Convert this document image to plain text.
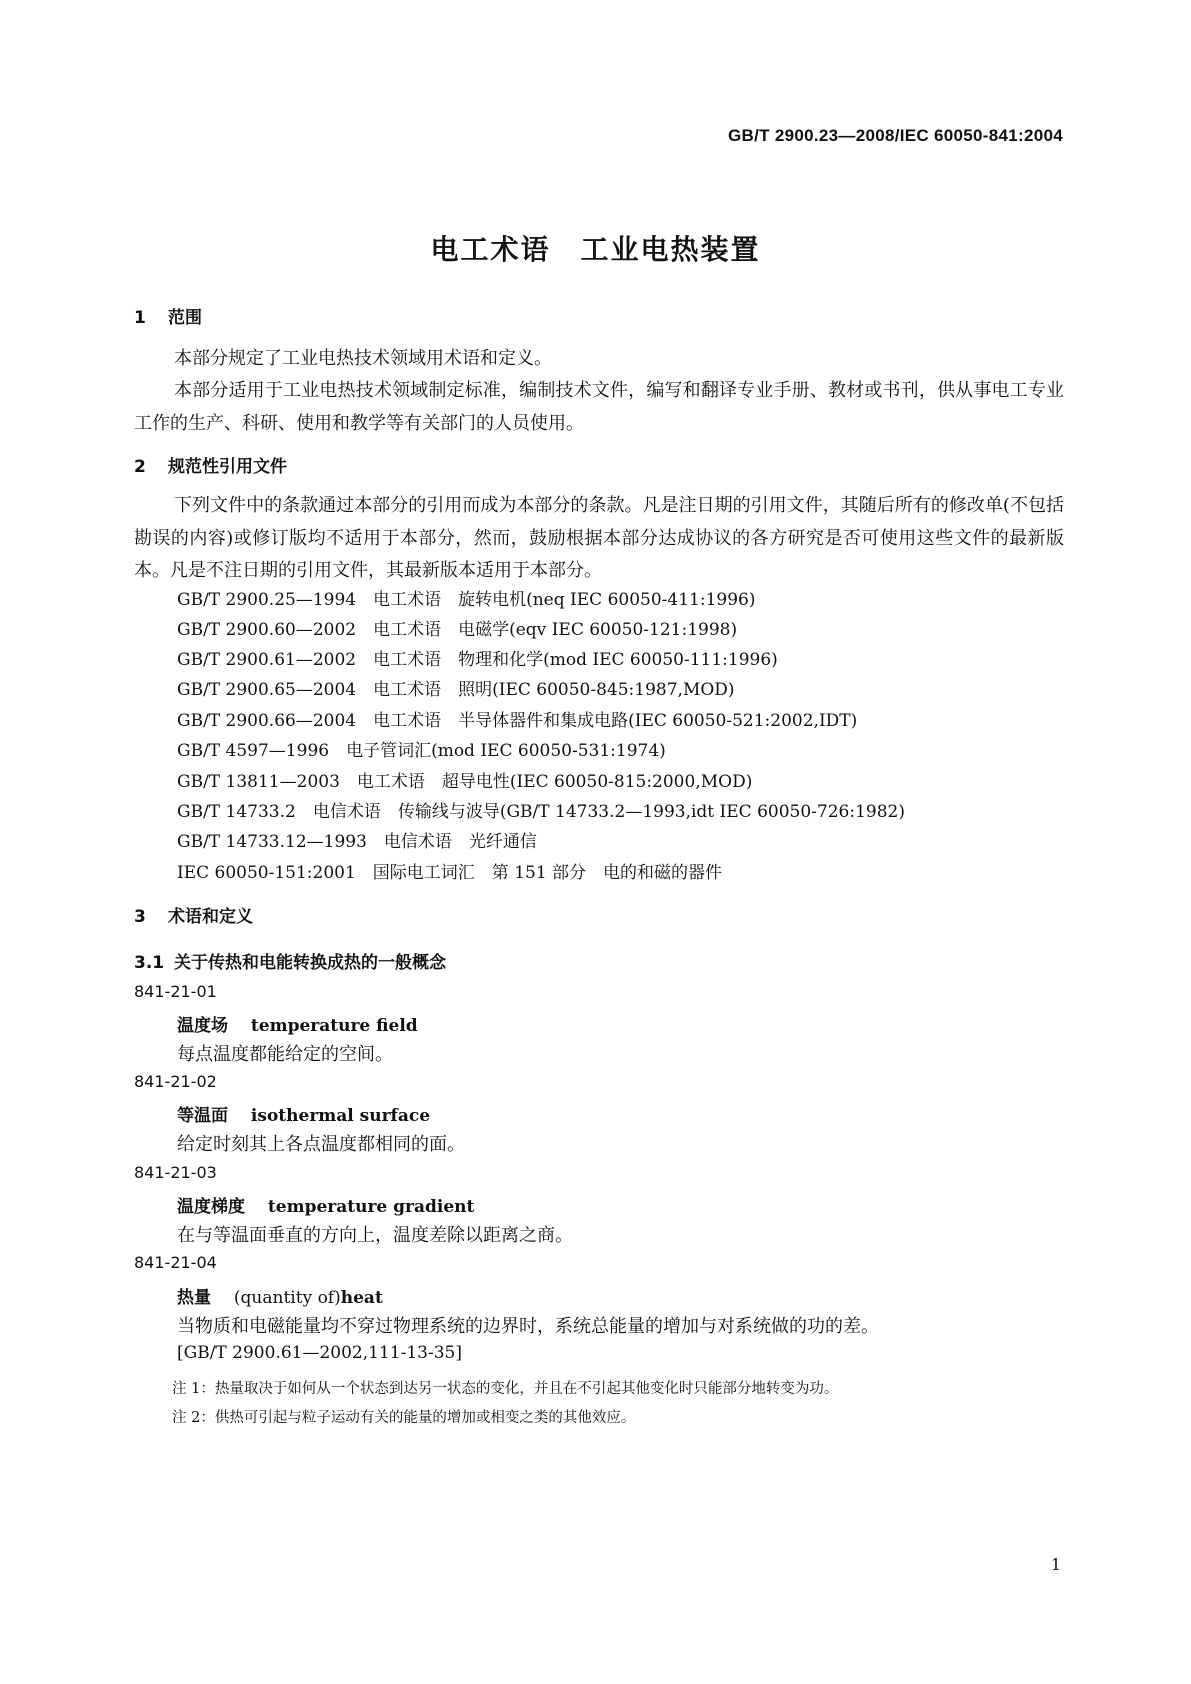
GB/T 2900.23—2008/IEC 60050-841:2004
电工术语　工业电热装置
1 范围
本部分规定了工业电热技术领域用术语和定义。
本部分适用于工业电热技术领域制定标准，编制技术文件，编写和翻译专业手册、教材或书刊，供从事电工专业工作的生产、科研、使用和教学等有关部门的人员使用。
2 规范性引用文件
下列文件中的条款通过本部分的引用而成为本部分的条款。凡是注日期的引用文件，其随后所有的修改单(不包括勘误的内容)或修订版均不适用于本部分，然而，鼓励根据本部分达成协议的各方研究是否可使用这些文件的最新版本。凡是不注日期的引用文件，其最新版本适用于本部分。
GB/T 2900.25—1994　电工术语　旋转电机(neq IEC 60050-411:1996)
GB/T 2900.60—2002　电工术语　电磁学(eqv IEC 60050-121:1998)
GB/T 2900.61—2002　电工术语　物理和化学(mod IEC 60050-111:1996)
GB/T 2900.65—2004　电工术语　照明(IEC 60050-845:1987,MOD)
GB/T 2900.66—2004　电工术语　半导体器件和集成电路(IEC 60050-521:2002,IDT)
GB/T 4597—1996　电子管词汇(mod IEC 60050-531:1974)
GB/T 13811—2003　电工术语　超导电性(IEC 60050-815:2000,MOD)
GB/T 14733.2　电信术语　传输线与波导(GB/T 14733.2—1993,idt IEC 60050-726:1982)
GB/T 14733.12—1993　电信术语　光纤通信
IEC 60050-151:2001　国际电工词汇　第 151 部分　电的和磁的器件
3 术语和定义
3.1 关于传热和电能转换成热的一般概念
841-21-01
温度场　 temperature field
每点温度都能给定的空间。
841-21-02
等温面　 isothermal surface
给定时刻其上各点温度都相同的面。
841-21-03
温度梯度　 temperature gradient
在与等温面垂直的方向上，温度差除以距离之商。
841-21-04
热量　 (quantity of)heat
当物质和电磁能量均不穿过物理系统的边界时，系统总能量的增加与对系统做的功的差。
[GB/T 2900.61—2002,111-13-35]
注 1：热量取决于如何从一个状态到达另一状态的变化，并且在不引起其他变化时只能部分地转变为功。
注 2：供热可引起与粒子运动有关的能量的增加或相变之类的其他效应。
1
